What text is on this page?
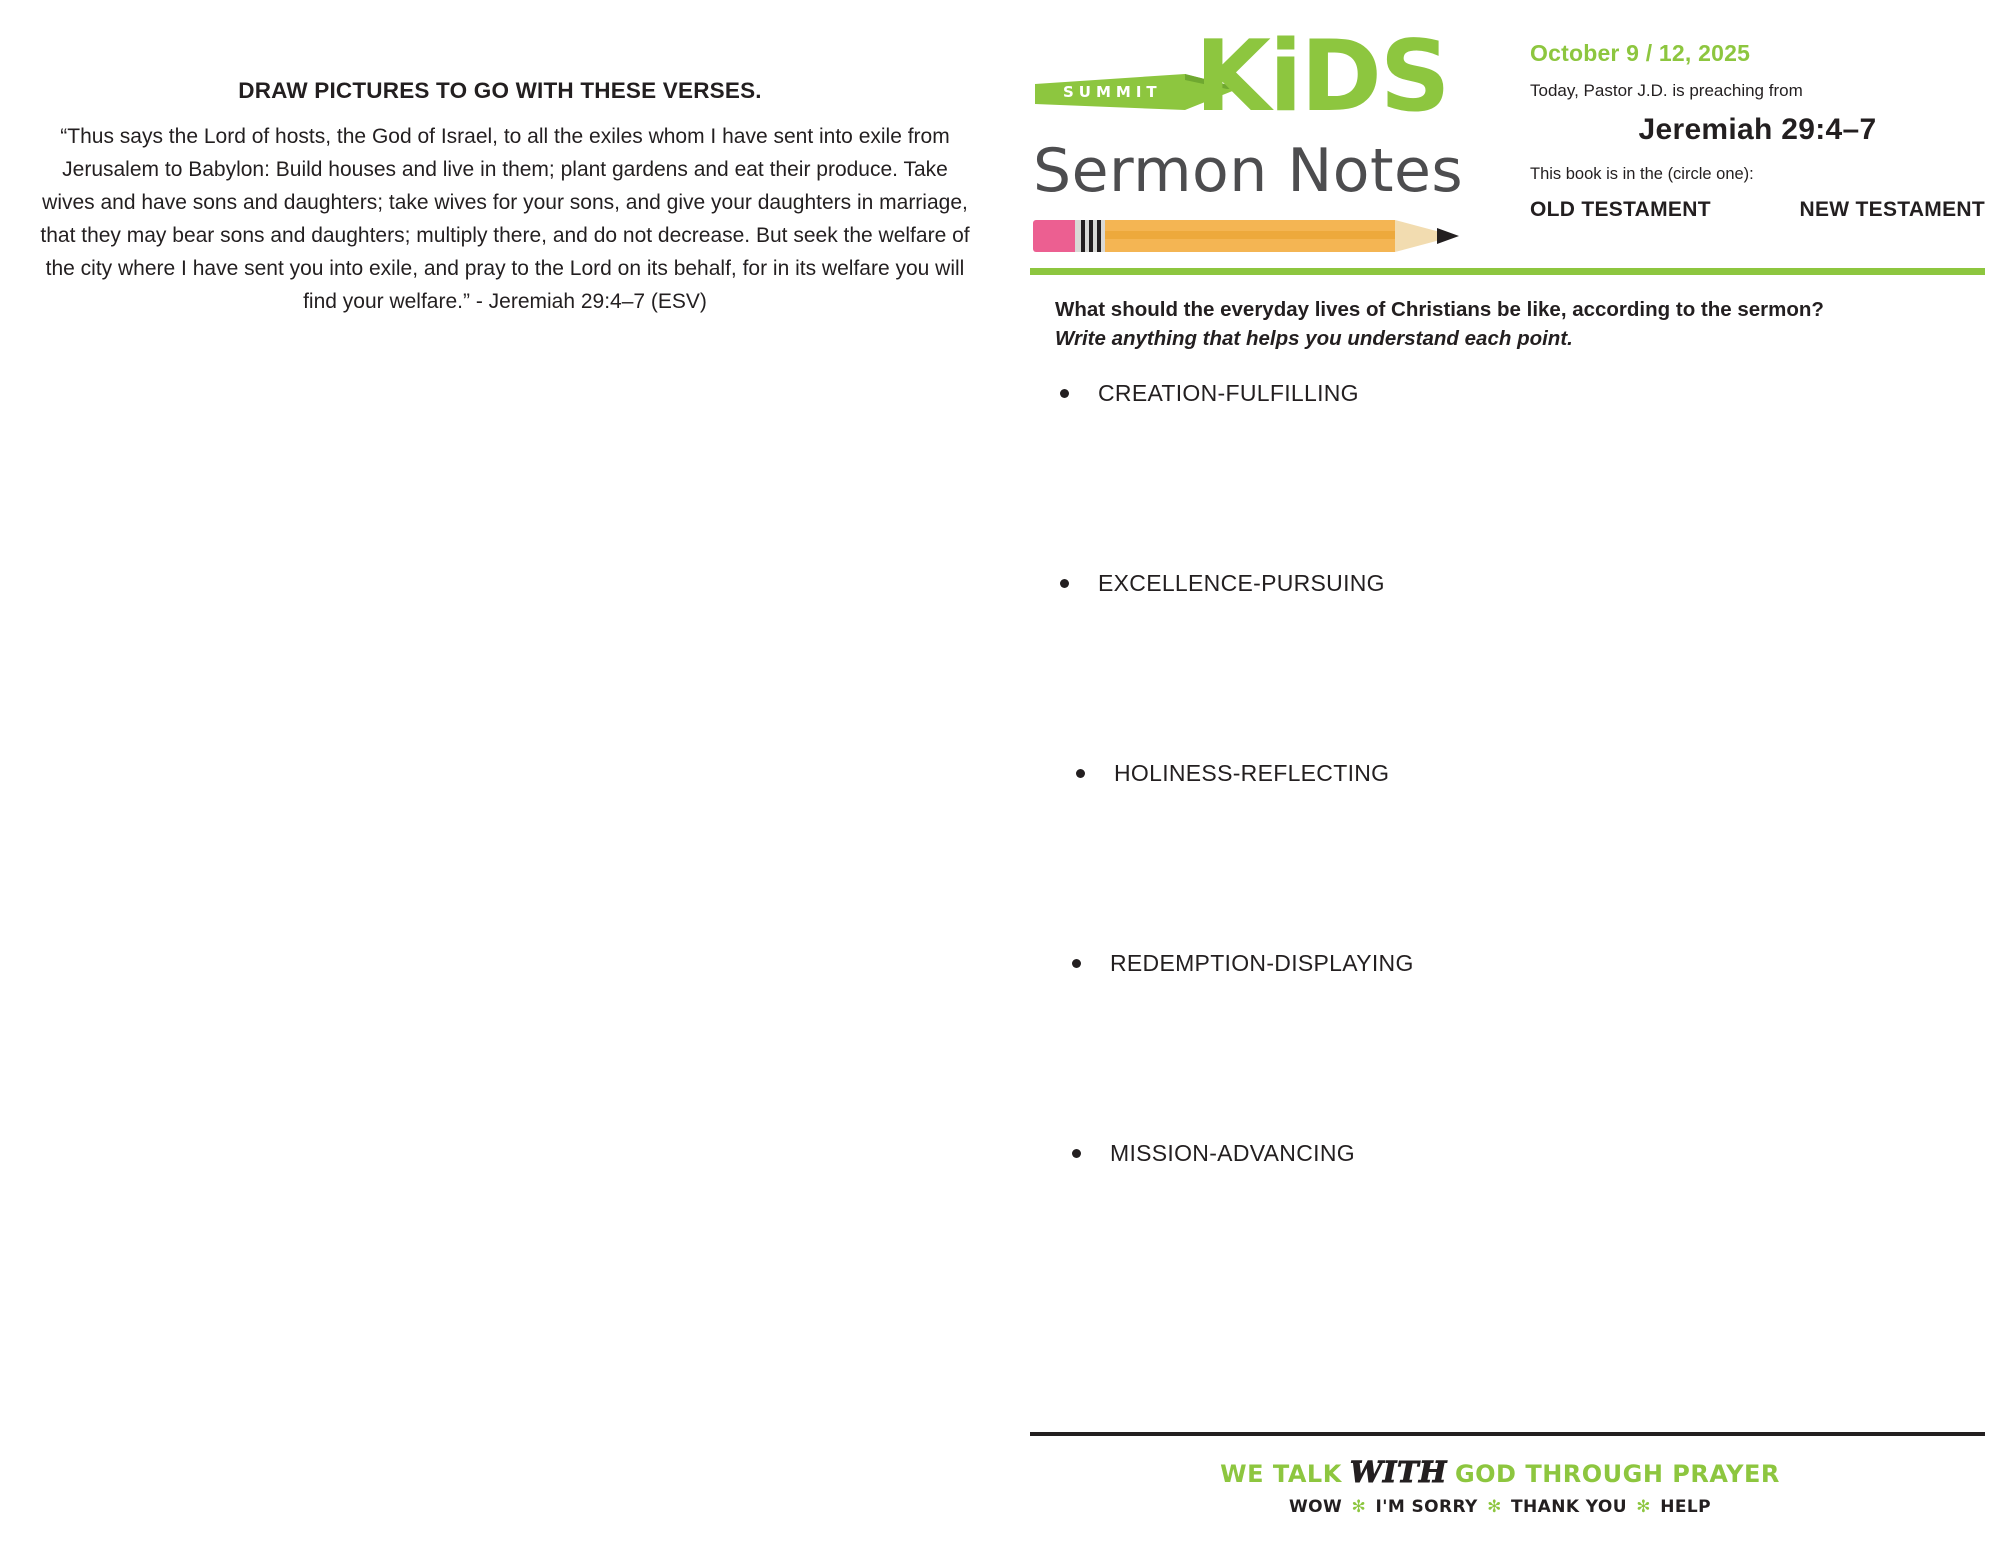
DRAW PICTURES TO GO WITH THESE VERSES.
“Thus says the Lord of hosts, the God of Israel, to all the exiles whom I have sent into exile from Jerusalem to Babylon: Build houses and live in them; plant gardens and eat their produce. Take wives and have sons and daughters; take wives for your sons, and give your daughters in marriage, that they may bear sons and daughters; multiply there, and do not decrease. But seek the welfare of the city where I have sent you into exile, and pray to the Lord on its behalf, for in its welfare you will find your welfare.” - Jeremiah 29:4–7 (ESV)
SUMMIT KiDS
Sermon Notes
October 9 / 12, 2025
Today, Pastor J.D. is preaching from
Jeremiah 29:4–7
This book is in the (circle one):
OLD TESTAMENT	NEW TESTAMENT
What should the everyday lives of Christians be like, according to the sermon?
Write anything that helps you understand each point.
CREATION-FULFILLING
EXCELLENCE-PURSUING
HOLINESS-REFLECTING
REDEMPTION-DISPLAYING
MISSION-ADVANCING
WE TALK WITH GOD THROUGH PRAYER
WOW ✻ I'M SORRY ✻ THANK YOU ✻ HELP
